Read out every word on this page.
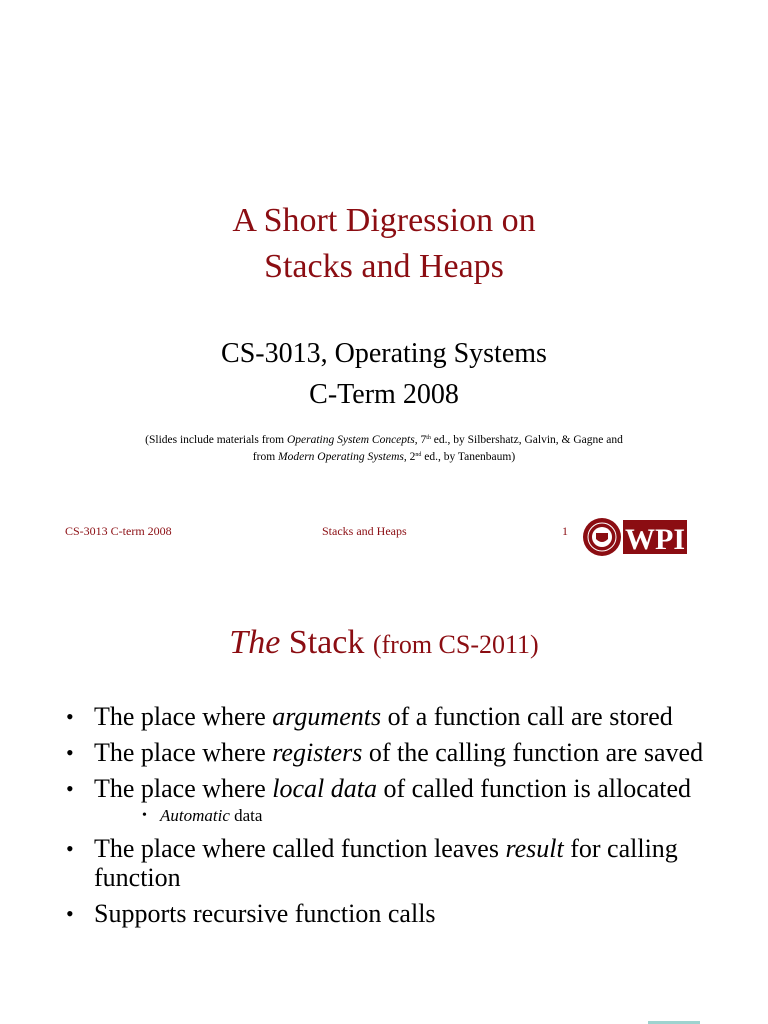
A Short Digression on
Stacks and Heaps
CS-3013, Operating Systems
C-Term 2008
(Slides include materials from Operating System Concepts, 7th ed., by Silbershatz, Galvin, & Gagne and
from Modern Operating Systems, 2nd ed., by Tanenbaum)
CS-3013 C-term 2008	Stacks and Heaps	1 WPI
The Stack (from CS-2011)
• The place where arguments of a function call are stored
• The place where registers of the calling function are saved
• The place where local data of called function is allocated
• Automatic data
• The place where called function leaves result for calling function
• Supports recursive function calls
